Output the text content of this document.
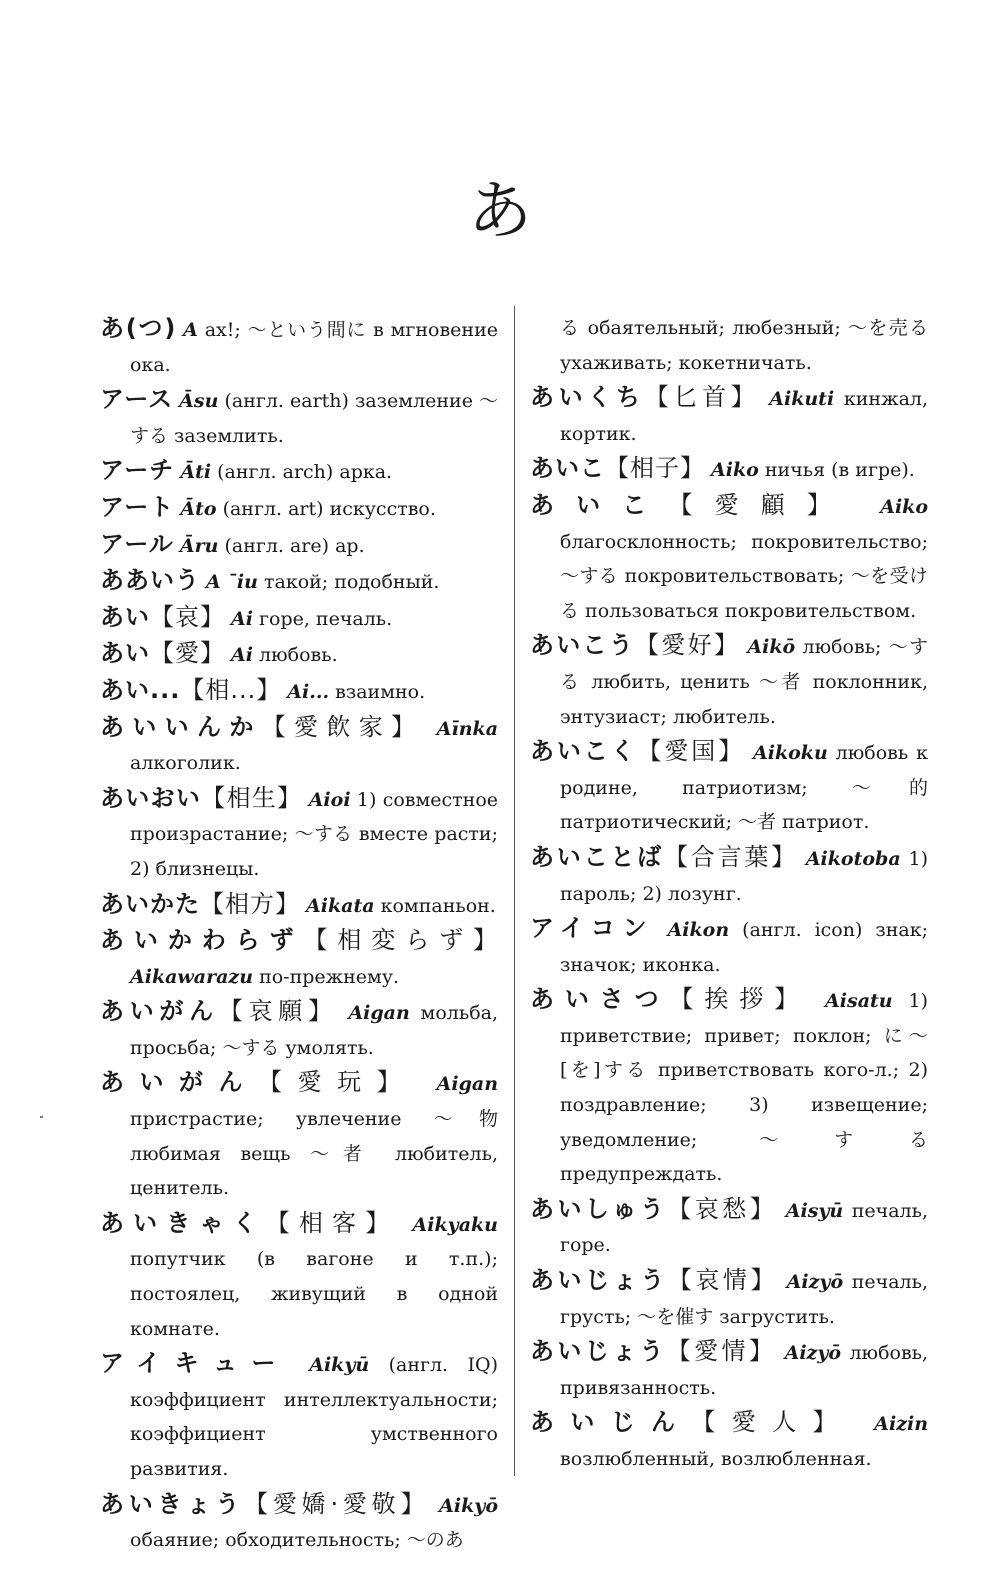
あ

あ(つ) A ах!; ～という間に в мгновение ока.

アース Āsu (англ. earth) заземление ～する заземлить.

アーチ Āti (англ. arch) арка.

アート Āto (англ. art) искусство.

アール Āru (англ. are) ар.

ああいう A ¯iu такой; подобный.

あい【哀】 Ai горе, печаль.

あい【愛】 Ai любовь.

あい...【相...】 Ai... взаимно.

あいいんか【愛飲家】 Aīnka алкоголик.

あいおい【相生】 Aioi 1) совместное произрастание; ～する вместе расти; 2) близнецы.

あいかた【相方】 Aikata компаньон.

あいかわらず【相変らず】 Aikawarazu по-прежнему.

あいがん【哀願】 Aigan мольба, просьба; ～する умолять.

あいがん【愛玩】 Aigan пристрастие; увлечение ～物 любимая вещь ～者 любитель, ценитель.

あいきゃく【相客】 Aikyaku попутчик (в вагоне и т.п.); постоялец, живущий в одной комнате.

アイキュー Aikyū (англ. IQ) коэффициент интеллектуальности; коэффициент умственного развития.

あいきょう【愛嬌·愛敬】 Aikyō обаяние; обходительность; ～のあ

る обаятельный; любезный; ～を売る ухаживать; кокетничать.

あいくち【匕首】 Aikuti кинжал, кортик.

あいこ【相子】 Aiko ничья (в игре).

あいこ【愛顧】 Aiko благосклонность; покровительство; ～する покровительствовать; ～を受ける пользоваться покровительством.

あいこう【愛好】 Aikō любовь; ～する любить, ценить ～者 поклонник, энтузиаст; любитель.

あいこく【愛国】 Aikoku любовь к родине, патриотизм; ～的 патриотический; ～者 патриот.

あいことば【合言葉】 Aikotoba 1) пароль; 2) лозунг.

アイコン Aikon (англ. icon) знак; значок; иконка.

あいさつ【挨拶】 Aisatu 1) приветствие; привет; поклон; に～[を]する приветствовать кого-л.; 2) поздравление; 3) извещение; уведомление; ～する предупреждать.

あいしゅう【哀愁】 Aisyū печаль, горе.

あいじょう【哀情】 Aizyō печаль, грусть; ～を催す загрустить.

あいじょう【愛情】 Aizyō любовь, привязанность.

あいじん【愛人】 Aizin возлюбленный, возлюбленная.
